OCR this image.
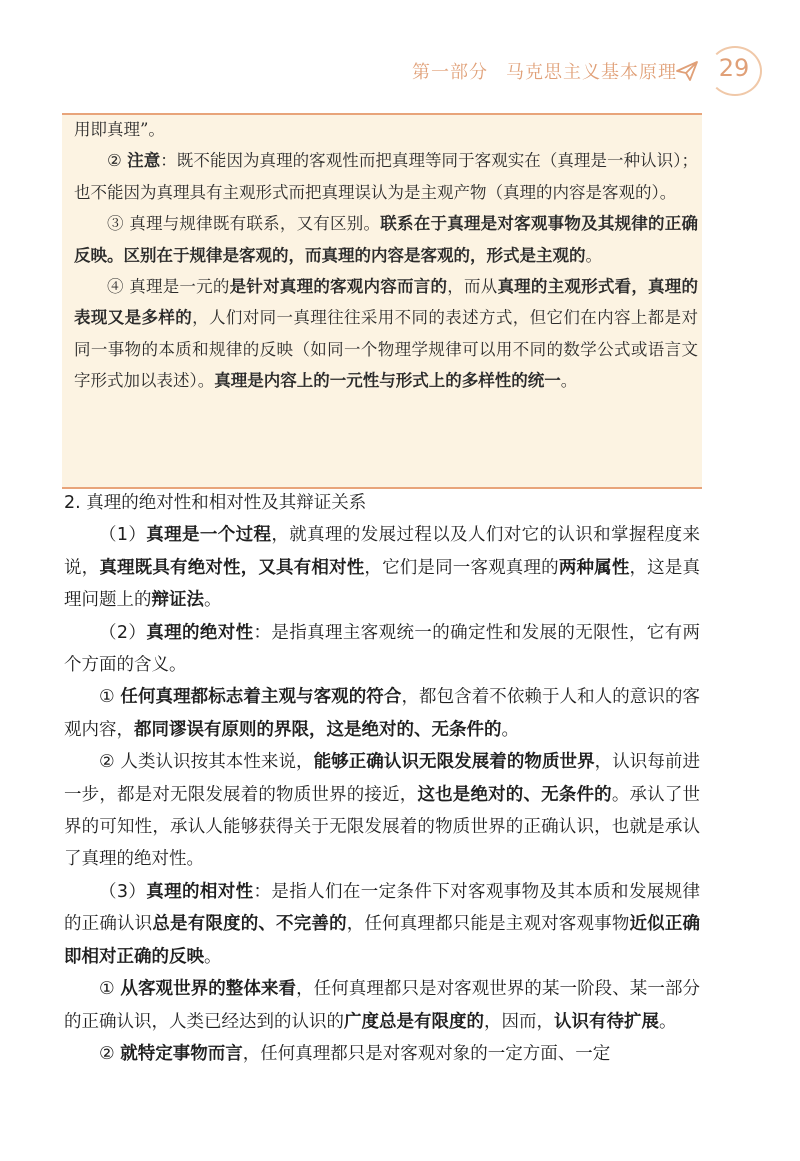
第一部分 马克思主义基本原理 29

用即真理”。

② 注意：既不能因为真理的客观性而把真理等同于客观实在（真理是一种认识）；也不能因为真理具有主观形式而把真理误认为是主观产物（真理的内容是客观的）。

③ 真理与规律既有联系，又有区别。联系在于真理是对客观事物及其规律的正确反映。区别在于规律是客观的，而真理的内容是客观的，形式是主观的。

④ 真理是一元的是针对真理的客观内容而言的，而从真理的主观形式看，真理的表现又是多样的，人们对同一真理往往采用不同的表述方式，但它们在内容上都是对同一事物的本质和规律的反映（如同一个物理学规律可以用不同的数学公式或语言文字形式加以表述）。真理是内容上的一元性与形式上的多样性的统一。

2. 真理的绝对性和相对性及其辩证关系

（1）真理是一个过程，就真理的发展过程以及人们对它的认识和掌握程度来说，真理既具有绝对性，又具有相对性，它们是同一客观真理的两种属性，这是真理问题上的辩证法。

（2）真理的绝对性：是指真理主客观统一的确定性和发展的无限性，它有两个方面的含义。

① 任何真理都标志着主观与客观的符合，都包含着不依赖于人和人的意识的客观内容，都同谬误有原则的界限，这是绝对的、无条件的。

② 人类认识按其本性来说，能够正确认识无限发展着的物质世界，认识每前进一步，都是对无限发展着的物质世界的接近，这也是绝对的、无条件的。承认了世界的可知性，承认人能够获得关于无限发展着的物质世界的正确认识，也就是承认了真理的绝对性。

（3）真理的相对性：是指人们在一定条件下对客观事物及其本质和发展规律的正确认识总是有限度的、不完善的，任何真理都只能是主观对客观事物近似正确即相对正确的反映。

① 从客观世界的整体来看，任何真理都只是对客观世界的某一阶段、某一部分的正确认识，人类已经达到的认识的广度总是有限度的，因而，认识有待扩展。

② 就特定事物而言，任何真理都只是对客观对象的一定方面、一定
